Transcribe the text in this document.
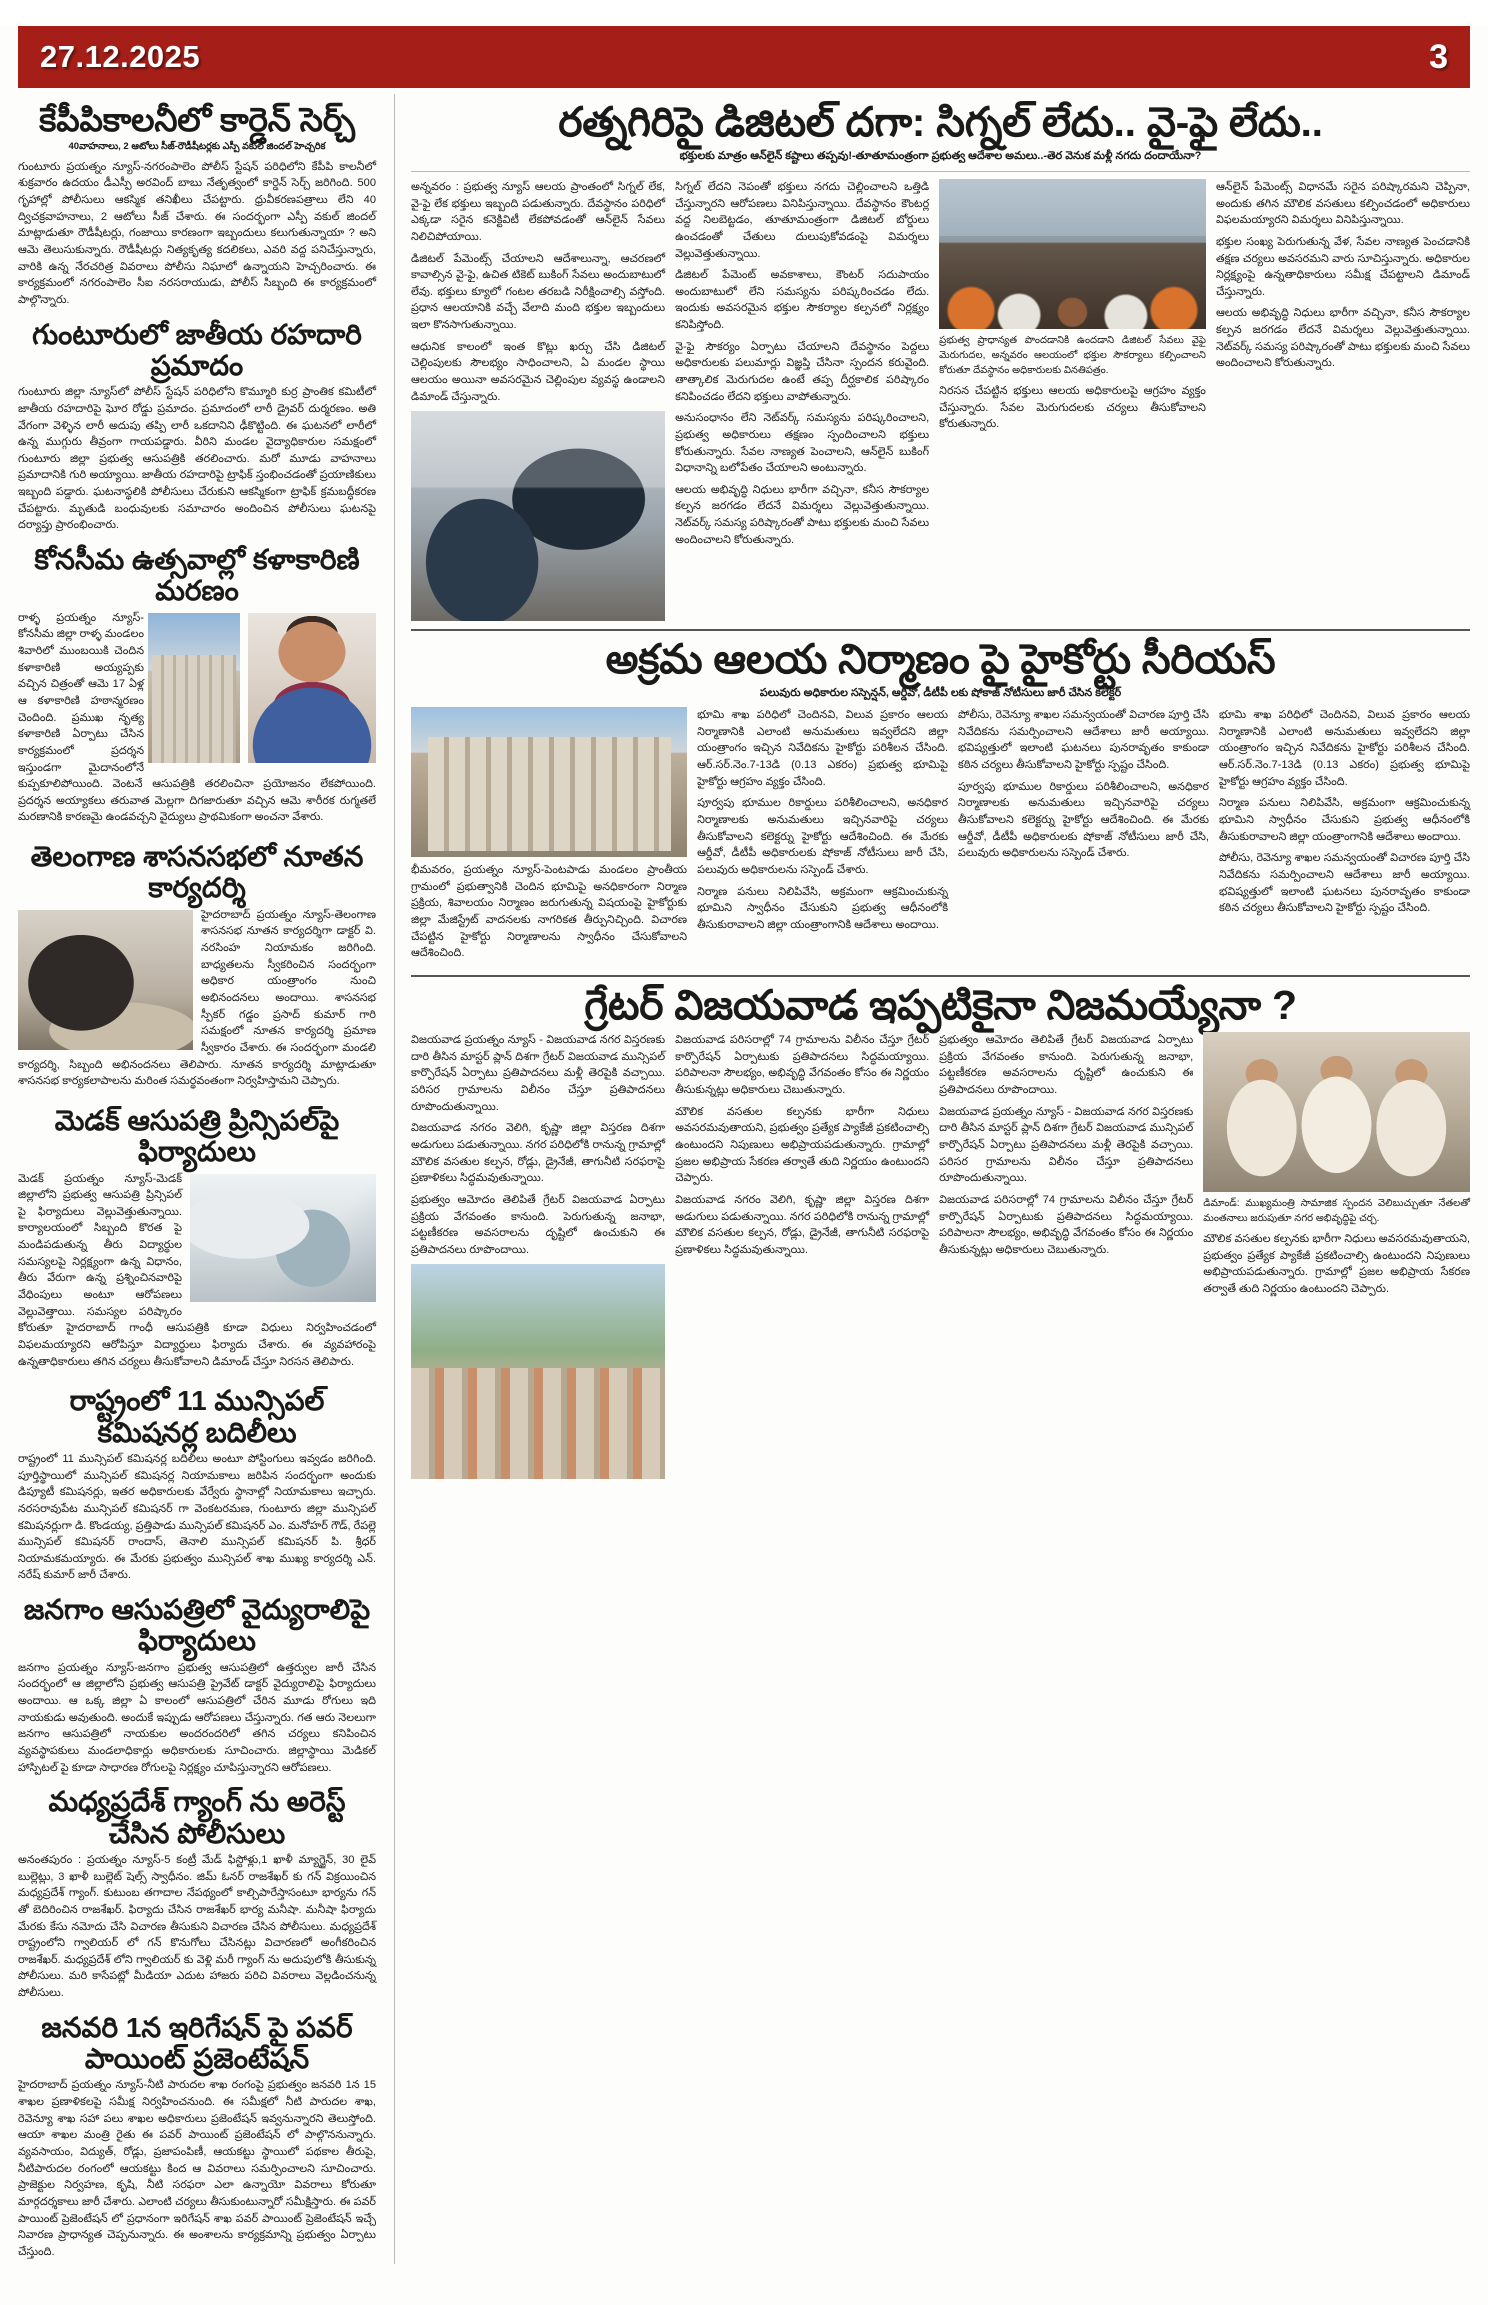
27.12.2025	3
కేపీపికాలనీలో కార్డెన్ సెర్చ్
40వాహనాలు, 2 ఆటోలు సీజ్-రౌడీషీటర్లకు ఎస్పీ వకుల్ జిందల్ హెచ్చరిక

గుంటూరు ప్రయత్నం న్యూస్-నగరంపాలెం పోలీస్ స్టేషన్ పరిధిలోని కేపీపి కాలనీలో శుక్రవారం ఉదయం డీఎస్పీ అరవింద్ బాబు నేతృత్వంలో కార్డెన్ సెర్చ్ జరిగింది. 500 గృహాల్లో పోలీసులు ఆకస్మిక తనిఖీలు చేపట్టారు. ధ్రువీకరణపత్రాలు లేని 40 ద్విచక్రవాహనాలు, 2 ఆటోలు సీజ్ చేశారు. ఈ సందర్భంగా ఎస్పీ వకుల్ జిందల్ మాట్లాడుతూ రౌడీషీటర్లు, గంజాయి కారణంగా ఇబ్బందులు కలుగుతున్నాయా ? అని ఆమె తెలుసుకున్నారు. రౌడీషీటర్లు నిత్యకృత్య కదలికలు, ఎవరి వద్ద పనిచేస్తున్నారు, వారికి ఉన్న నేరచరిత్ర వివరాలు పోలీసు నిఘాలో ఉన్నాయని హెచ్చరించారు. ఈ కార్యక్రమంలో నగరంపాలెం సీఐ నరసరాయుడు, పోలీస్ సిబ్బంది ఈ కార్యక్రమంలో పాల్గొన్నారు.

గుంటూరులో జాతీయ రహదారి ప్రమాదం

గుంటూరు జిల్లా న్యూస్‌లో పోలీస్ స్టేషన్ పరిధిలోని కొమ్మూరి కుర్ర ప్రాంతిక కమిటీలో జాతీయ రహదారిపై ఘోర రోడ్డు ప్రమాదం. ప్రమాదంలో లారీ డ్రైవర్ దుర్మరణం. అతి వేగంగా వెళ్ళిన లారీ అదుపు తప్పి లారీ ఒకదానిని ఢీకొట్టింది. ఈ ఘటనలో లారీలో ఉన్న ముగ్గురు తీవ్రంగా గాయపడ్డారు. వీరిని మండల వైద్యాధికారుల సమక్షంలో గుంటూరు జిల్లా ప్రభుత్వ ఆసుపత్రికి తరలించారు. మరో మూడు వాహనాలు ప్రమాదానికి గురి అయ్యాయి. జాతీయ రహదారిపై ట్రాఫిక్ స్తంభించడంతో ప్రయాణికులు ఇబ్బంది పడ్డారు. ఘటనాస్థలికి పోలీసులు చేరుకుని ఆకస్మికంగా ట్రాఫిక్ క్రమబద్ధీకరణ చేపట్టారు. మృతుడి బంధువులకు సమాచారం అందించిన పోలీసులు ఘటనపై దర్యాప్తు ప్రారంభించారు.

కోనసీమ ఉత్సవాల్లో కళాకారిణి మరణం

రాళ్ళ ప్రయత్నం న్యూస్-కోనసీమ జిల్లా రాళ్ళ మండలం శివారిలో ముంబయికి చెందిన కళాకారిణి అయ్యప్పకు వచ్చిన చిత్రంతో ఆమె 17 ఏళ్ల ఆ కళాకారిణి హఠాన్మరణం చెందింది. ప్రముఖ నృత్య కళాకారిణి ఏర్పాటు చేసిన కార్యక్రమంలో ప్రదర్శన ఇస్తుండగా మైదానంలోనే కుప్పకూలిపోయింది. వెంటనే ఆసుపత్రికి తరలించినా ప్రయోజనం లేకపోయింది. ప్రదర్శన అయ్యాకలు తరువాత మెల్లగా దిగజారుతూ వచ్చిన ఆమె శారీరక రుగ్మతలే మరణానికి కారణమై ఉండవచ్చని వైద్యులు ప్రాథమికంగా అంచనా వేశారు.

తెలంగాణ శాసనసభలో నూతన కార్యదర్శి

హైదరాబాద్ ప్రయత్నం న్యూస్-తెలంగాణ శాసనసభ నూతన కార్యదర్శిగా డాక్టర్ వి. నరసింహ నియామకం జరిగింది. బాధ్యతలను స్వీకరించిన సందర్భంగా అధికార యంత్రాంగం నుంచి అభినందనలు అందాయి. శాసనసభ స్పీకర్ గడ్డం ప్రసాద్ కుమార్ గారి సమక్షంలో నూతన కార్యదర్శి ప్రమాణ స్వీకారం చేశారు. ఈ సందర్భంగా మండలి కార్యదర్శి, సిబ్బంది అభినందనలు తెలిపారు. నూతన కార్యదర్శి మాట్లాడుతూ శాసనసభ కార్యకలాపాలను మరింత సమర్థవంతంగా నిర్వహిస్తామని చెప్పారు.

మెడక్ ఆసుపత్రి ప్రిన్సిపల్‌పై ఫిర్యాదులు

మెడక్ ప్రయత్నం న్యూస్-మెడక్ జిల్లాలోని ప్రభుత్వ ఆసుపత్రి ప్రిన్సిపల్ పై ఫిర్యాదులు వెల్లువెత్తుతున్నాయి. కార్యాలయంలో సిబ్బంది కొరత పై మండిపడుతున్న తీరు విద్యార్థుల సమస్యలపై నిర్లక్ష్యంగా ఉన్న విధానం, తీరు వేరుగా ఉన్న ప్రశ్నించినవారిపై వేధింపులు అంటూ ఆరోపణలు వెల్లువెత్తాయి. సమస్యల పరిష్కారం కోరుతూ హైదరాబాద్ గాంధీ ఆసుపత్రికి కూడా విధులు నిర్వహించడంలో విఫలమయ్యారని ఆరోపిస్తూ విద్యార్థులు ఫిర్యాదు చేశారు. ఈ వ్యవహారంపై ఉన్నతాధికారులు తగిన చర్యలు తీసుకోవాలని డిమాండ్ చేస్తూ నిరసన తెలిపారు.

రాష్ట్రంలో 11 మున్సిపల్ కమిషనర్ల బదిలీలు

రాష్ట్రంలో 11 మున్సిపల్ కమిషనర్ల బదిలీలు అంటూ పోస్టింగులు ఇవ్వడం జరిగింది. పూర్తిస్థాయిలో మున్సిపల్ కమిషనర్ల నియామకాలు జరిపిన సందర్భంగా అందుకు డిప్యూటీ కమిషనర్లు, ఇతర అధికారులకు వేర్వేరు స్థానాల్లో నియామకాలు ఇచ్చారు. నరసరావుపేట మున్సిపల్ కమిషనర్ గా వెంకటరమణ, గుంటూరు జిల్లా మున్సిపల్ కమిషనర్లుగా డి. కొండయ్య, ప్రత్తిపాడు మున్సిపల్ కమిషనర్ ఎం. మనోహర్ గౌడ్, రేపల్లె మున్సిపల్ కమిషనర్ రాందాస్, తెనాలి మున్సిపల్ కమిషనర్ పి. శ్రీధర్ నియామకమయ్యారు. ఈ మేరకు ప్రభుత్వం మున్సిపల్ శాఖ ముఖ్య కార్యదర్శి ఎన్. నరేష్ కుమార్ జారీ చేశారు.

జనగాం ఆసుపత్రిలో వైద్యురాలిపై ఫిర్యాదులు

జనగాం ప్రయత్నం న్యూస్-జనగాం ప్రభుత్వ ఆసుపత్రిలో ఉత్తర్వుల జారీ చేసిన సందర్భంలో ఆ జిల్లాలోని ప్రభుత్వ ఆసుపత్రి ప్రైవేట్ డాక్టర్ వైద్యురాలిపై ఫిర్యాదులు అందాయి. ఆ ఒక్క జిల్లా ఏ కాలంలో ఆసుపత్రిలో చేరిన మూడు రోగులు ఇది నాయకుడు అవుతుంది. అందుకే ఇప్పుడు ఆరోపణలు చేస్తున్నారు. గత ఆరు నెలలుగా జనగాం ఆసుపత్రిలో నాయకుల అందరందరిలో తగిన చర్యలు కనిపించిన వ్యవస్థాపకులు మండలాధికార్లు అధికారులకు సూచించారు. జిల్లాస్థాయి మెడికల్ హాస్పిటల్ పై కూడా సాధారణ రోగులపై నిర్లక్ష్యం చూపిస్తున్నారని ఆరోపణలు.

మధ్యప్రదేశ్ గ్యాంగ్ ను అరెస్ట్ చేసిన పోలీసులు

అనంతపురం : ప్రయత్నం న్యూస్-5 కంట్రీ మేడ్ ఫిస్టోళ్లు,1 ఖాళీ మ్యాగ్జైన్, 30 లైవ్ బుల్లెట్లు, 3 ఖాళీ బుల్లెట్ షెల్స్ స్వాధీనం. జిమ్ ఓనర్ రాజశేఖర్ కు గన్ విక్రయించిన మధ్యప్రదేశ్ గ్యాంగ్. కుటుంబ తగాదాల నేపథ్యంలో కాల్చిపారేస్తాసంటూ భార్యను గన్ తో బెదిరించిన రాజశేఖర్. ఫిర్యాదు చేసిన రాజశేఖర్ భార్య మనీషా. మనీషా ఫిర్యాదు మేరకు కేసు నమోదు చేసి విచారణ తీసుకుని విచారణ చేసిన పోలీసులు. మధ్యప్రదేశ్ రాష్ట్రంలోని గ్వాలియర్ లో గన్ కొనుగోలు చేసినట్లు విచారణలో అంగీకరించిన రాజశేఖర్. మధ్యప్రదేశ్ లోని గ్వాలియర్ కు వెళ్లి మరీ గ్యాంగ్ ను అదుపులోకి తీసుకున్న పోలీసులు. మరి కాసేపట్లో మీడియా ఎదుట హాజరు పరిచి వివరాలు వెల్లడించనున్న పోలీసులు.

జనవరి 1న ఇరిగేషన్ పై పవర్ పాయింట్ ప్రజెంటేషన్

హైదరాబాద్ ప్రయత్నం న్యూస్-నీటి పారుదల శాఖ రంగంపై ప్రభుత్వం జనవరి 1న 15 శాఖల ప్రణాళికలపై సమీక్ష నిర్వహించనుంది. ఈ సమీక్షలో నీటి పారుదల శాఖ, రెవెన్యూ శాఖ సహా పలు శాఖల అధికారులు ప్రజెంటేషన్ ఇవ్వనున్నారని తెలుస్తోంది. ఆయా శాఖల మంత్రి రైతు ఈ పవర్ పాయింట్ ప్రజెంటేషన్ లో పాల్గొననున్నారు. వ్యవసాయం, విద్యుత్, రోడ్లు, ప్రజాపంపిణీ, ఆయకట్టు స్థాయిలో పథకాల తీరుపై, నీటిపారుదల రంగంలో ఆయకట్టు కింద ఆ వివరాలు సమర్పించాలని సూచించారు. ప్రాజెక్టుల నిర్వహణ, కృషి, నీటి సరఫరా ఎలా ఉన్నాయో వివరాలు కోరుతూ మార్గదర్శకాలు జారీ చేశారు. ఎలాంటి చర్యలు తీసుకుంటున్నారో సమీక్షిస్తారు. ఈ పవర్ పాయింట్ ప్రెజెంటేషన్ లో ప్రధానంగా ఇరిగేషన్ శాఖ పవర్ పాయింట్ ప్రెజెంటేషన్ ఇచ్చే నివారణ ప్రాధాన్యత చెప్పనున్నారు. ఈ అంశాలను కార్యక్రమాన్ని ప్రభుత్వం ఏర్పాటు చేస్తుంది.

రత్నగిరిపై డిజిటల్ దగా: సిగ్నల్ లేదు.. వై-ఫై లేదు..
భక్తులకు మాత్రం ఆన్‌లైన్ కష్టాలు తప్పవు!-తూతూమంత్రంగా ప్రభుత్వ ఆదేశాల అమలు..-తెర వెనుక మళ్లీ నగదు దందాయేనా?

అన్నవరం : ప్రభుత్వ న్యూస్ ఆలయ ప్రాంతంలో సిగ్నల్ లేక, వై-ఫై లేక భక్తులు ఇబ్బంది పడుతున్నారు. దేవస్థానం పరిధిలో ఎక్కడా సరైన కనెక్టివిటీ లేకపోవడంతో ఆన్‌లైన్ సేవలు నిలిచిపోయాయి.

డిజిటల్ పేమెంట్స్ చేయాలని ఆదేశాలున్నా, ఆచరణలో కావాల్సిన వై-ఫై, ఉచిత టికెట్ బుకింగ్ సేవలు అందుబాటులో లేవు. భక్తులు క్యూలో గంటల తరబడి నిరీక్షించాల్సి వస్తోంది. ప్రధాన ఆలయానికి వచ్చే వేలాది మంది భక్తుల ఇబ్బందులు ఇలా కొనసాగుతున్నాయి.

ఆధునిక కాలంలో ఇంత కొట్లు ఖర్చు చేసి డిజిటల్ చెల్లింపులకు సౌలభ్యం సాధించాలని, ఏ మండల స్థాయి ఆలయం అయినా అవసరమైన చెల్లింపుల వ్యవస్థ ఉండాలని డిమాండ్ చేస్తున్నారు.

సిగ్నల్ లేదని నెపంతో భక్తులు నగదు చెల్లించాలని ఒత్తిడి చేస్తున్నారని ఆరోపణలు వినిపిస్తున్నాయి. దేవస్థానం కౌంటర్ల వద్ద నిలబెట్టడం, తూతూమంత్రంగా డిజిటల్ బోర్డులు ఉంచడంతో చేతులు దులుపుకోవడంపై విమర్శలు వెల్లువెత్తుతున్నాయి.

డిజిటల్ పేమెంట్ అవకాశాలు, కౌంటర్ సదుపాయం అందుబాటులో లేని సమస్యను పరిష్కరించడం లేదు. ఇందుకు అవసరమైన భక్తుల సౌకర్యాల కల్పనలో నిర్లక్ష్యం కనిపిస్తోంది.

వై-ఫై సౌకర్యం ఏర్పాటు చేయాలని దేవస్థానం పెద్దలు అధికారులకు పలుమార్లు విజ్ఞప్తి చేసినా స్పందన కరువైంది. తాత్కాలిక మెరుగుదల ఉంటే తప్ప దీర్ఘకాలిక పరిష్కారం కనిపించడం లేదని భక్తులు వాపోతున్నారు.

అనుసంధానం లేని నెట్‌వర్క్ సమస్యను పరిష్కరించాలని, ప్రభుత్వ అధికారులు తక్షణం స్పందించాలని భక్తులు కోరుతున్నారు. సేవల నాణ్యత పెంచాలని, ఆన్‌లైన్ బుకింగ్ విధానాన్ని బలోపేతం చేయాలని అంటున్నారు.

ఆలయ అభివృద్ధి నిధులు భారీగా వచ్చినా, కనీస సౌకర్యాల కల్పన జరగడం లేదనే విమర్శలు వెల్లువెత్తుతున్నాయి. నెట్‌వర్క్ సమస్య పరిష్కారంతో పాటు భక్తులకు మంచి సేవలు అందించాలని కోరుతున్నారు.

ప్రభుత్వ ప్రాధాన్యత పొందడానికి ఉందడాని డిజిటల్ సేవలు వైఫై మెరుగుదల, అన్నవరం ఆలయంలో భక్తుల సౌకర్యాలు కల్పించాలని కోరుతూ దేవస్థానం అధికారులకు వినతిపత్రం.

నిరసన చేపట్టిన భక్తులు ఆలయ అధికారులపై ఆగ్రహం వ్యక్తం చేస్తున్నారు. సేవల మెరుగుదలకు చర్యలు తీసుకోవాలని కోరుతున్నారు.

ఆన్‌లైన్ పేమెంట్స్ విధానమే సరైన పరిష్కారమని చెప్పినా, అందుకు తగిన మౌలిక వసతులు కల్పించడంలో అధికారులు విఫలమయ్యారని విమర్శలు వినిపిస్తున్నాయి.

భక్తుల సంఖ్య పెరుగుతున్న వేళ, సేవల నాణ్యత పెంచడానికి తక్షణ చర్యలు అవసరమని వారు సూచిస్తున్నారు. అధికారుల నిర్లక్ష్యంపై ఉన్నతాధికారులు సమీక్ష చేపట్టాలని డిమాండ్ చేస్తున్నారు.

ఆలయ అభివృద్ధి నిధులు భారీగా వచ్చినా, కనీస సౌకర్యాల కల్పన జరగడం లేదనే విమర్శలు వెల్లువెత్తుతున్నాయి. నెట్‌వర్క్ సమస్య పరిష్కారంతో పాటు భక్తులకు మంచి సేవలు అందించాలని కోరుతున్నారు.

అక్రమ ఆలయ నిర్మాణం పై హైకోర్టు సీరియస్
పలువురు అధికారుల సస్పెన్షన్, ఆర్డీవో, డీటీపీ లకు షోకాజ్ నోటీసులు జారీ చేసిన కలెక్టర్

భీమవరం, ప్రయత్నం న్యూస్-పెంటపాడు మండలం ప్రాంతీయ గ్రామంలో ప్రభుత్వానికి చెందిన భూమిపై అనధికారంగా నిర్మాణ ప్రక్రియ, శివాలయం నిర్మాణం జరుగుతున్న విషయంపై హైకోర్టుకు జిల్లా మేజిస్ట్రేట్ వాదనలకు నాగరికత తీర్పునిచ్చింది. విచారణ చేపట్టిన హైకోర్టు నిర్మాణాలను స్వాధీనం చేసుకోవాలని ఆదేశించింది.

భూమి శాఖ పరిధిలో చెందినవి, విలువ ప్రకారం ఆలయ నిర్మాణానికి ఎలాంటి అనుమతులు ఇవ్వలేదని జిల్లా యంత్రాంగం ఇచ్చిన నివేదికను హైకోర్టు పరిశీలన చేసింది. ఆర్.సర్.నెం.7-13డి (0.13 ఎకరం) ప్రభుత్వ భూమిపై హైకోర్టు ఆగ్రహం వ్యక్తం చేసింది.

పూర్వపు భూముల రికార్డులు పరిశీలించాలని, అనధికార నిర్మాణాలకు అనుమతులు ఇచ్చినవారిపై చర్యలు తీసుకోవాలని కలెక్టర్ను హైకోర్టు ఆదేశించింది. ఈ మేరకు ఆర్డీవో, డీటీపీ అధికారులకు షోకాజ్ నోటీసులు జారీ చేసి, పలువురు అధికారులను సస్పెండ్ చేశారు.

నిర్మాణ పనులు నిలిపివేసి, అక్రమంగా ఆక్రమించుకున్న భూమిని స్వాధీనం చేసుకుని ప్రభుత్వ ఆధీనంలోకి తీసుకురావాలని జిల్లా యంత్రాంగానికి ఆదేశాలు అందాయి.

పోలీసు, రెవెన్యూ శాఖల సమన్వయంతో విచారణ పూర్తి చేసి నివేదికను సమర్పించాలని ఆదేశాలు జారీ అయ్యాయి. భవిష్యత్తులో ఇలాంటి ఘటనలు పునరావృతం కాకుండా కఠిన చర్యలు తీసుకోవాలని హైకోర్టు స్పష్టం చేసింది.

పూర్వపు భూముల రికార్డులు పరిశీలించాలని, అనధికార నిర్మాణాలకు అనుమతులు ఇచ్చినవారిపై చర్యలు తీసుకోవాలని కలెక్టర్ను హైకోర్టు ఆదేశించింది. ఈ మేరకు ఆర్డీవో, డీటీపీ అధికారులకు షోకాజ్ నోటీసులు జారీ చేసి, పలువురు అధికారులను సస్పెండ్ చేశారు.

భూమి శాఖ పరిధిలో చెందినవి, విలువ ప్రకారం ఆలయ నిర్మాణానికి ఎలాంటి అనుమతులు ఇవ్వలేదని జిల్లా యంత్రాంగం ఇచ్చిన నివేదికను హైకోర్టు పరిశీలన చేసింది. ఆర్.సర్.నెం.7-13డి (0.13 ఎకరం) ప్రభుత్వ భూమిపై హైకోర్టు ఆగ్రహం వ్యక్తం చేసింది.

నిర్మాణ పనులు నిలిపివేసి, అక్రమంగా ఆక్రమించుకున్న భూమిని స్వాధీనం చేసుకుని ప్రభుత్వ ఆధీనంలోకి తీసుకురావాలని జిల్లా యంత్రాంగానికి ఆదేశాలు అందాయి.

పోలీసు, రెవెన్యూ శాఖల సమన్వయంతో విచారణ పూర్తి చేసి నివేదికను సమర్పించాలని ఆదేశాలు జారీ అయ్యాయి. భవిష్యత్తులో ఇలాంటి ఘటనలు పునరావృతం కాకుండా కఠిన చర్యలు తీసుకోవాలని హైకోర్టు స్పష్టం చేసింది.

గ్రేటర్ విజయవాడ ఇప్పటికైనా నిజమయ్యేనా ?

విజయవాడ ప్రయత్నం న్యూస్ - విజయవాడ నగర విస్తరణకు దారి తీసిన మాస్టర్ ప్లాన్ దిశగా గ్రేటర్ విజయవాడ మున్సిపల్ కార్పొరేషన్ ఏర్పాటు ప్రతిపాదనలు మళ్లీ తెరపైకి వచ్చాయి. పరిసర గ్రామాలను విలీనం చేస్తూ ప్రతిపాదనలు రూపొందుతున్నాయి.

విజయవాడ నగరం వెలిగి, కృష్ణా జిల్లా విస్తరణ దిశగా అడుగులు పడుతున్నాయి. నగర పరిధిలోకి రానున్న గ్రామాల్లో మౌలిక వసతుల కల్పన, రోడ్లు, డ్రైనేజీ, తాగునీటి సరఫరాపై ప్రణాళికలు సిద్ధమవుతున్నాయి.

ప్రభుత్వం ఆమోదం తెలిపితే గ్రేటర్ విజయవాడ ఏర్పాటు ప్రక్రియ వేగవంతం కానుంది. పెరుగుతున్న జనాభా, పట్టణీకరణ అవసరాలను దృష్టిలో ఉంచుకుని ఈ ప్రతిపాదనలు రూపొందాయి.

విజయవాడ పరిసరాల్లో 74 గ్రామాలను విలీనం చేస్తూ గ్రేటర్ కార్పొరేషన్ ఏర్పాటుకు ప్రతిపాదనలు సిద్ధమయ్యాయి. పరిపాలనా సౌలభ్యం, అభివృద్ధి వేగవంతం కోసం ఈ నిర్ణయం తీసుకున్నట్లు అధికారులు చెబుతున్నారు.

మౌలిక వసతుల కల్పనకు భారీగా నిధులు అవసరమవుతాయని, ప్రభుత్వం ప్రత్యేక ప్యాకేజీ ప్రకటించాల్సి ఉంటుందని నిపుణులు అభిప్రాయపడుతున్నారు. గ్రామాల్లో ప్రజల అభిప్రాయ సేకరణ తర్వాతే తుది నిర్ణయం ఉంటుందని చెప్పారు.

విజయవాడ నగరం వెలిగి, కృష్ణా జిల్లా విస్తరణ దిశగా అడుగులు పడుతున్నాయి. నగర పరిధిలోకి రానున్న గ్రామాల్లో మౌలిక వసతుల కల్పన, రోడ్లు, డ్రైనేజీ, తాగునీటి సరఫరాపై ప్రణాళికలు సిద్ధమవుతున్నాయి.

ప్రభుత్వం ఆమోదం తెలిపితే గ్రేటర్ విజయవాడ ఏర్పాటు ప్రక్రియ వేగవంతం కానుంది. పెరుగుతున్న జనాభా, పట్టణీకరణ అవసరాలను దృష్టిలో ఉంచుకుని ఈ ప్రతిపాదనలు రూపొందాయి.

విజయవాడ ప్రయత్నం న్యూస్ - విజయవాడ నగర విస్తరణకు దారి తీసిన మాస్టర్ ప్లాన్ దిశగా గ్రేటర్ విజయవాడ మున్సిపల్ కార్పొరేషన్ ఏర్పాటు ప్రతిపాదనలు మళ్లీ తెరపైకి వచ్చాయి. పరిసర గ్రామాలను విలీనం చేస్తూ ప్రతిపాదనలు రూపొందుతున్నాయి.

విజయవాడ పరిసరాల్లో 74 గ్రామాలను విలీనం చేస్తూ గ్రేటర్ కార్పొరేషన్ ఏర్పాటుకు ప్రతిపాదనలు సిద్ధమయ్యాయి. పరిపాలనా సౌలభ్యం, అభివృద్ధి వేగవంతం కోసం ఈ నిర్ణయం తీసుకున్నట్లు అధికారులు చెబుతున్నారు.

డిమాండ్: ముఖ్యమంత్రి సామాజిక స్పందన వెలిబుచ్చుతూ నేతలతో మంతనాలు జరుపుతూ నగర అభివృద్ధిపై చర్చ.

మౌలిక వసతుల కల్పనకు భారీగా నిధులు అవసరమవుతాయని, ప్రభుత్వం ప్రత్యేక ప్యాకేజీ ప్రకటించాల్సి ఉంటుందని నిపుణులు అభిప్రాయపడుతున్నారు. గ్రామాల్లో ప్రజల అభిప్రాయ సేకరణ తర్వాతే తుది నిర్ణయం ఉంటుందని చెప్పారు.
